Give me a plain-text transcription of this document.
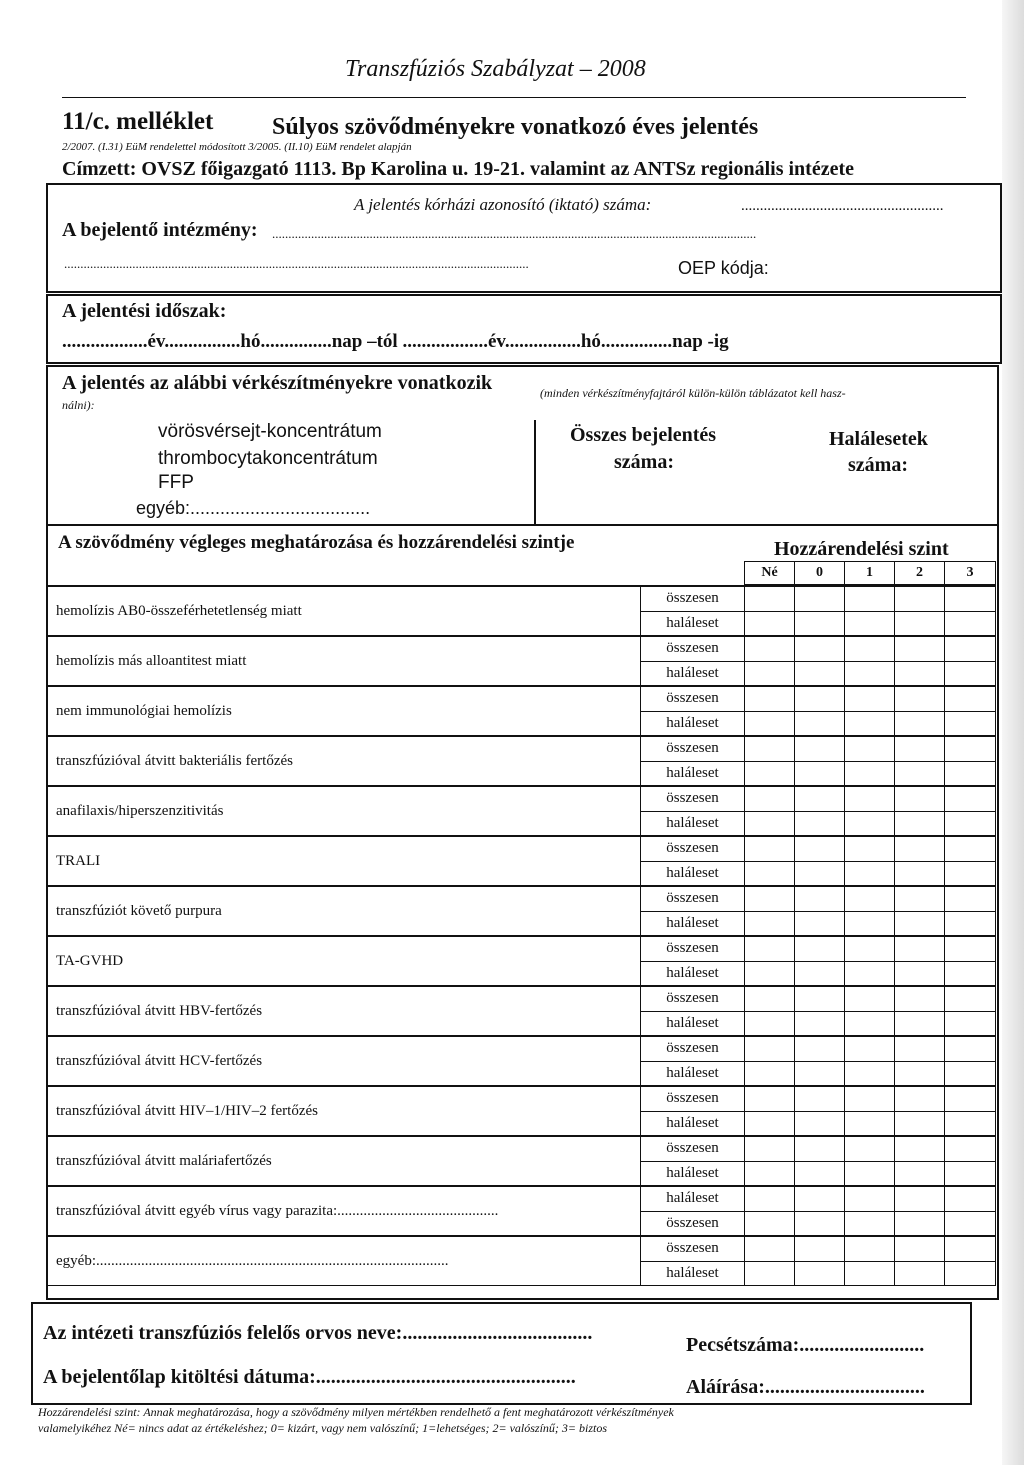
Transzfúziós Szabályzat – 2008
11/c. melléklet Súlyos szövődményekre vonatkozó éves jelentés
2/2007. (I.31) EüM rendelettel módosított 3/2005. (II.10) EüM rendelet alapján
Címzett: OVSZ főigazgató 1113. Bp Karolina u. 19-21. valamint az ANTSz regionális intézete
A jelentés kórházi azonosító (iktató) száma:	......................................................
A bejelentő intézmény: .....................................................................................................................................................
...............................................................................................................................................	OEP kódja:
A jelentési időszak:
..................év................hó...............nap –tól ..................év................hó...............nap -ig
A jelentés az alábbi vérkészítményekre vonatkozik	(minden vérkészítményfajtáról külön-külön táblázatot kell hasz-
nálni):
vörösvérsejt-koncentrátum
thrombocytakoncentrátum
FFP
egyéb:....................................
Összes bejelentés
száma:
Halálesetek
száma:
A szövődmény végleges meghatározása és hozzárendelési szintje	Hozzárendelési szint
Né	0	1	2	3
hemolízis AB0-összeférhetetlenség miatt	összesen					
	haláleset					
hemolízis más alloantitest miatt	összesen					
	haláleset					
nem immunológiai hemolízis	összesen					
	haláleset					
transzfúzióval átvitt bakteriális fertőzés	összesen					
	haláleset					
anafilaxis/hiperszenzitivitás	összesen					
	haláleset					
TRALI	összesen					
	haláleset					
transzfúziót követő purpura	összesen					
	haláleset					
TA-GVHD	összesen					
	haláleset					
transzfúzióval átvitt HBV-fertőzés	összesen					
	haláleset					
transzfúzióval átvitt HCV-fertőzés	összesen					
	haláleset					
transzfúzióval átvitt HIV–1/HIV–2 fertőzés	összesen					
	haláleset					
transzfúzióval átvitt maláriafertőzés	összesen					
	haláleset					
transzfúzióval átvitt egyéb vírus vagy parazita:...........................................	haláleset					
	összesen					
egyéb:..............................................................................................	összesen					
	haláleset					
Az intézeti transzfúziós felelős orvos neve:......................................
Pecsétszáma:.........................
A bejelentőlap kitöltési dátuma:....................................................	Aláírása:................................
Hozzárendelési szint: Annak meghatározása, hogy a szövődmény milyen mértékben rendelhető a fent meghatározott vérkészítmények
valamelyikéhez Né= nincs adat az értékeléshez; 0= kizárt, vagy nem valószínű; 1=lehetséges; 2= valószínű; 3= biztos
